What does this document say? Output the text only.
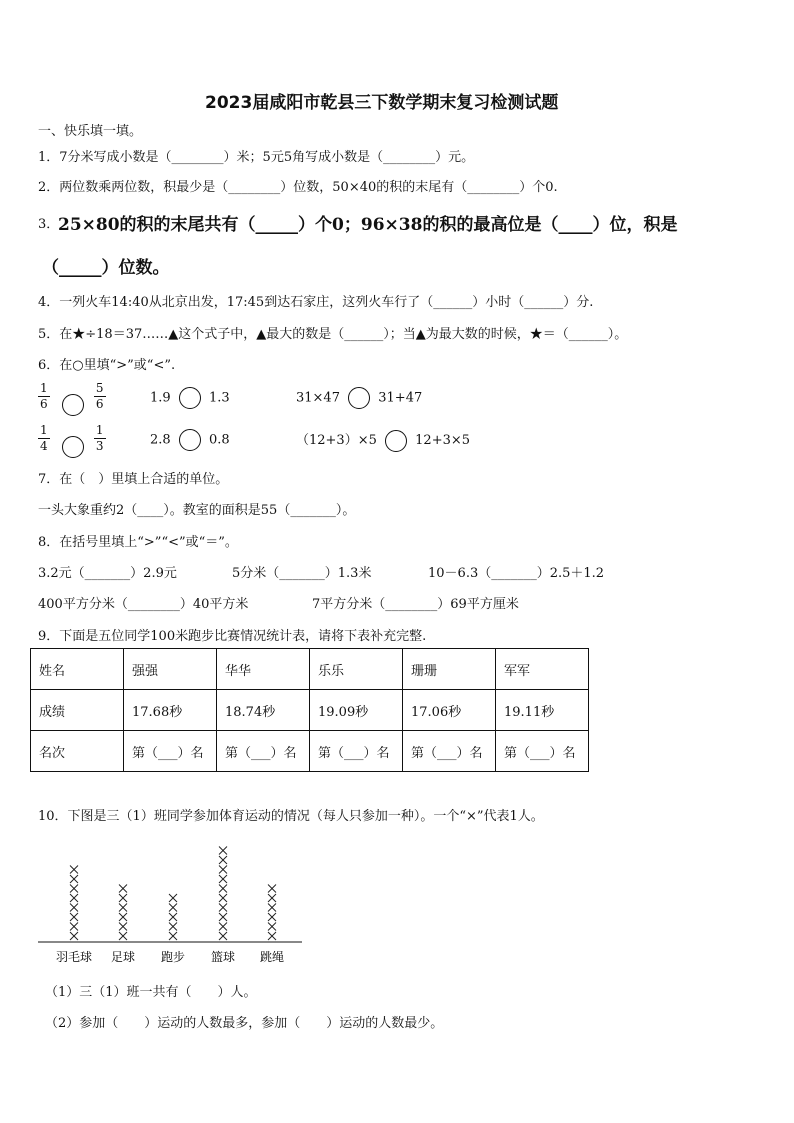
2023届咸阳市乾县三下数学期末复习检测试题
一、快乐填一填。
1．7分米写成小数是（________）米；5元5角写成小数是（________）元。
2．两位数乘两位数，积最少是（________）位数，50×40的积的末尾有（________）个0.
3．
25×80的积的末尾共有（_____）个0；96×38的积的最高位是（____）位，积是
（_____）位数。
4．一列火车14:40从北京出发，17:45到达石家庄，这列火车行了（______）小时（______）分.
5．在★÷18＝37……▲这个式子中，▲最大的数是（______）；当▲为最大数的时候，★＝（______）。
6．在○里填“>”或“<”.
$\frac{1}{6}$
	$\frac{5}{6}$	1.9	1.3	31×47	31+47
$\frac{1}{4}$
	$\frac{1}{3}$	2.8	0.8	（12+3）×5	12+3×5
7．在（　）里填上合适的单位。
一头大象重约2（____）。教室的面积是55（_______）。
8．在括号里填上“>”“<”或“＝”。
3.2元（_______）2.9元	5分米（_______）1.3米	10－6.3（_______）2.5＋1.2
400平方分米（________）40平方米	7平方分米（________）69平方厘米
9．下面是五位同学100米跑步比赛情况统计表，请将下表补充完整.
姓名	强强	华华	乐乐	珊珊	军军
成绩	17.68秒	18.74秒	19.09秒	17.06秒	19.11秒
名次	第（___）名	第（___）名	第（___）名	第（___）名	第（___）名
10．下图是三（1）班同学参加体育运动的情况（每人只参加一种）。一个“×”代表1人。
羽毛球 足球 跑步 篮球 跳绳
（1）三（1）班一共有（　　）人。
（2）参加（　　）运动的人数最多，参加（　　）运动的人数最少。
